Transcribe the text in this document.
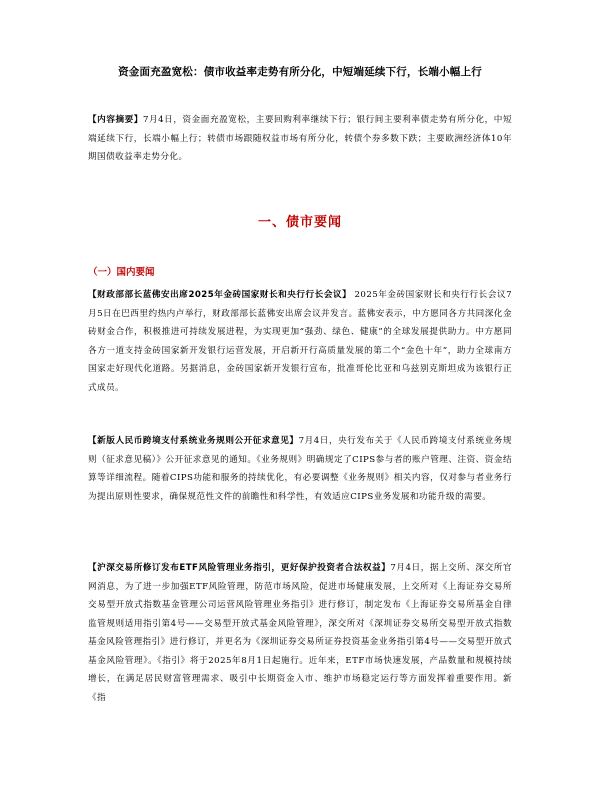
资金面充盈宽松：债市收益率走势有所分化，中短端延续下行，长端小幅上行
【内容摘要】7月4日，资金面充盈宽松，主要回购利率继续下行；银行间主要利率债走势有所分化，中短端延续下行，长端小幅上行；转债市场跟随权益市场有所分化，转债个券多数下跌；主要欧洲经济体10年期国债收益率走势分化。
一、债市要闻
（一）国内要闻
【财政部部长蓝佛安出席2025年金砖国家财长和央行行长会议】 2025年金砖国家财长和央行行长会议7月5日在巴西里约热内卢举行，财政部部长蓝佛安出席会议并发言。蓝佛安表示，中方愿同各方共同深化金砖财金合作，积极推进可持续发展进程，为实现更加“强劲、绿色、健康”的全球发展提供助力。中方愿同各方一道支持金砖国家新开发银行运营发展，开启新开行高质量发展的第二个“金色十年”，助力全球南方国家走好现代化道路。另据消息，金砖国家新开发银行宣布，批准哥伦比亚和乌兹别克斯坦成为该银行正式成员。
【新版人民币跨境支付系统业务规则公开征求意见】7月4日，央行发布关于《人民币跨境支付系统业务规则（征求意见稿）》公开征求意见的通知。《业务规则》明确规定了CIPS参与者的账户管理、注资、资金结算等详细流程。随着CIPS功能和服务的持续优化，有必要调整《业务规则》相关内容，仅对参与者业务行为提出原则性要求，确保规范性文件的前瞻性和科学性，有效适应CIPS业务发展和功能升级的需要。
【沪深交易所修订发布ETF风险管理业务指引，更好保护投资者合法权益】7月4日，据上交所、深交所官网消息，为了进一步加强ETF风险管理，防范市场风险，促进市场健康发展，上交所对《上海证券交易所交易型开放式指数基金管理公司运营风险管理业务指引》进行修订，制定发布《上海证券交易所基金自律监管规则适用指引第4号——交易型开放式基金风险管理》，深交所对《深圳证券交易所交易型开放式指数基金风险管理指引》进行修订，并更名为《深圳证券交易所证券投资基金业务指引第4号——交易型开放式基金风险管理》。《指引》将于2025年8月1日起施行。近年来，ETF市场快速发展，产品数量和规模持续增长，在满足居民财富管理需求、吸引中长期资金入市、维护市场稳定运行等方面发挥着重要作用。新《指
